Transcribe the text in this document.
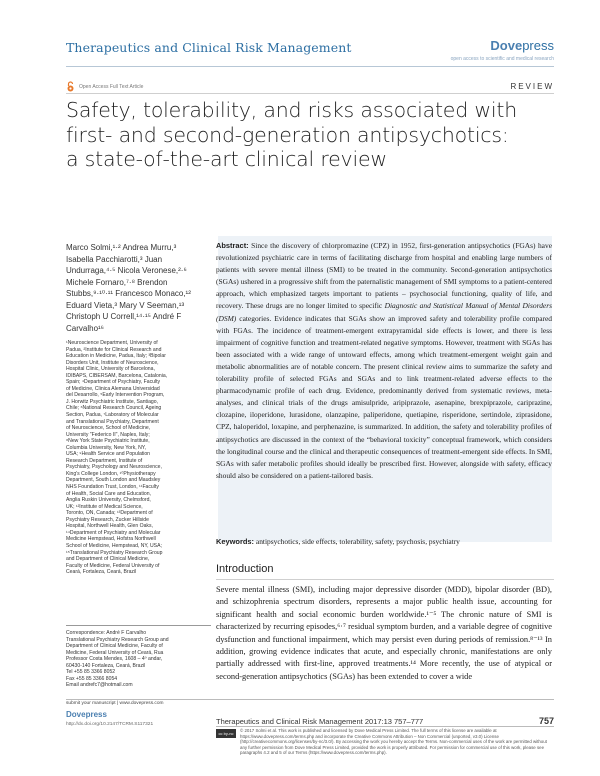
Therapeutics and Clinical Risk Management	Dovepress
open access to scientific and medical research
Open Access Full Text Article	REVIEW
Safety, tolerability, and risks associated with
first- and second-generation antipsychotics:
a state-of-the-art clinical review
Marco Solmi,¹·² Andrea Murru,³
Isabella Pacchiarotti,³ Juan
Undurraga,⁴·⁵ Nicola Veronese,²·⁶
Michele Fornaro,⁷·⁸ Brendon
Stubbs,⁹·¹⁰·¹¹ Francesco Monaco,¹²
Eduard Vieta,³ Mary V Seeman,¹³
Christoph U Correll,¹⁴·¹⁵ André F
Carvalho¹⁶
¹Neuroscience Department, University of
Padua, ²Institute for Clinical Research and
Education in Medicine, Padua, Italy; ³Bipolar
Disorders Unit, Institute of Neuroscience,
Hospital Clinic, University of Barcelona,
IDIBAPS, CIBERSAM, Barcelona, Catalonia,
Spain; ⁴Department of Psychiatry, Faculty
of Medicine, Clinica Alemana Universidad
del Desarrollo, ⁵Early Intervention Program,
J. Horwitz Psychiatric Institute, Santiago,
Chile; ⁶National Research Council, Ageing
Section, Padua, ⁷Laboratory of Molecular
and Translational Psychiatry, Department
of Neuroscience, School of Medicine,
University "Federico II", Naples, Italy;
⁸New York State Psychiatric Institute,
Columbia University, New York, NY,
USA; ⁹Health Service and Population
Research Department, Institute of
Psychiatry, Psychology and Neuroscience,
King's College London, ¹⁰Physiotherapy
Department, South London and Maudsley
NHS Foundation Trust, London, ¹¹Faculty
of Health, Social Care and Education,
Anglia Ruskin University, Chelmsford,
UK; ¹²Institute of Medical Science,
Toronto, ON, Canada; ¹³Department of
Psychiatry Research, Zucker Hillside
Hospital, Northwell Health, Glen Oaks,
¹⁴Department of Psychiatry and Molecular
Medicine Hempstead, Hofstra Northwell
School of Medicine, Hempstead, NY, USA;
¹⁵Translational Psychiatry Research Group
and Department of Clinical Medicine,
Faculty of Medicine, Federal University of
Ceará, Fortaleza, Ceará, Brazil
Correspondence: André F Carvalho
Translational Psychiatry Research Group and
Department of Clinical Medicine, Faculty of
Medicine, Federal University of Ceará, Rua
Professor Costa Mendes, 1608 – 4º andar,
60430-140 Fortaleza, Ceará, Brazil
Tel +55 85 3366 8052
Fax +55 85 3366 8054
Email andrefc7@hotmail.com
Abstract: Since the discovery of chlorpromazine (CPZ) in 1952, first-generation antipsychotics (FGAs) have revolutionized psychiatric care in terms of facilitating discharge from hospital and enabling large numbers of patients with severe mental illness (SMI) to be treated in the community. Second-generation antipsychotics (SGAs) ushered in a progressive shift from the paternalistic management of SMI symptoms to a patient-centered approach, which emphasized targets important to patients – psychosocial functioning, quality of life, and recovery. These drugs are no longer limited to specific Diagnostic and Statistical Manual of Mental Disorders (DSM) categories. Evidence indicates that SGAs show an improved safety and tolerability profile compared with FGAs. The incidence of treatment-emergent extrapyramidal side effects is lower, and there is less impairment of cognitive function and treatment-related negative symptoms. However, treatment with SGAs has been associated with a wide range of untoward effects, among which treatment-emergent weight gain and metabolic abnormalities are of notable concern. The present clinical review aims to summarize the safety and tolerability profile of selected FGAs and SGAs and to link treatment-related adverse effects to the pharmacodynamic profile of each drug. Evidence, predominantly derived from systematic reviews, meta-analyses, and clinical trials of the drugs amisulpride, aripiprazole, asenapine, brexpiprazole, cariprazine, clozapine, iloperidone, lurasidone, olanzapine, paliperidone, quetiapine, risperidone, sertindole, ziprasidone, CPZ, haloperidol, loxapine, and perphenazine, is summarized. In addition, the safety and tolerability profiles of antipsychotics are discussed in the context of the “behavioral toxicity” conceptual framework, which considers the longitudinal course and the clinical and therapeutic consequences of treatment-emergent side effects. In SMI, SGAs with safer metabolic profiles should ideally be prescribed first. However, alongside with safety, efficacy should also be considered on a patient-tailored basis.
Keywords: antipsychotics, side effects, tolerability, safety, psychosis, psychiatry
Introduction
Severe mental illness (SMI), including major depressive disorder (MDD), bipolar disorder (BD), and schizophrenia spectrum disorders, represents a major public health issue, accounting for significant health and social economic burden worldwide.¹⁻⁵ The chronic nature of SMI is characterized by recurring episodes,⁶·⁷ residual symptom burden, and a variable degree of cognitive dysfunction and functional impairment, which may persist even during periods of remission.⁸⁻¹³ In addition, growing evidence indicates that acute, and especially chronic, manifestations are only partially addressed with first-line, approved treatments.¹⁴ More recently, the use of atypical or second-generation antipsychotics (SGAs) has been extended to cover a wide
submit your manuscript | www.dovepress.com
Dovepress
http://dx.doi.org/10.2147/TCRM.S117321	Therapeutics and Clinical Risk Management 2017:13 757–777	757
cc by-nc
© 2017 Solmi et al. This work is published and licensed by Dove Medical Press Limited. The full terms of this license are available at https://www.dovepress.com/terms.php and incorporate the Creative Commons Attribution – Non Commercial (unported, v3.0) License (http://creativecommons.org/licenses/by-nc/3.0/). By accessing the work you hereby accept the Terms. Non-commercial uses of the work are permitted without any further permission from Dove Medical Press Limited, provided the work is properly attributed. For permission for commercial use of this work, please see paragraphs 4.2 and 5 of our Terms (https://www.dovepress.com/terms.php).
